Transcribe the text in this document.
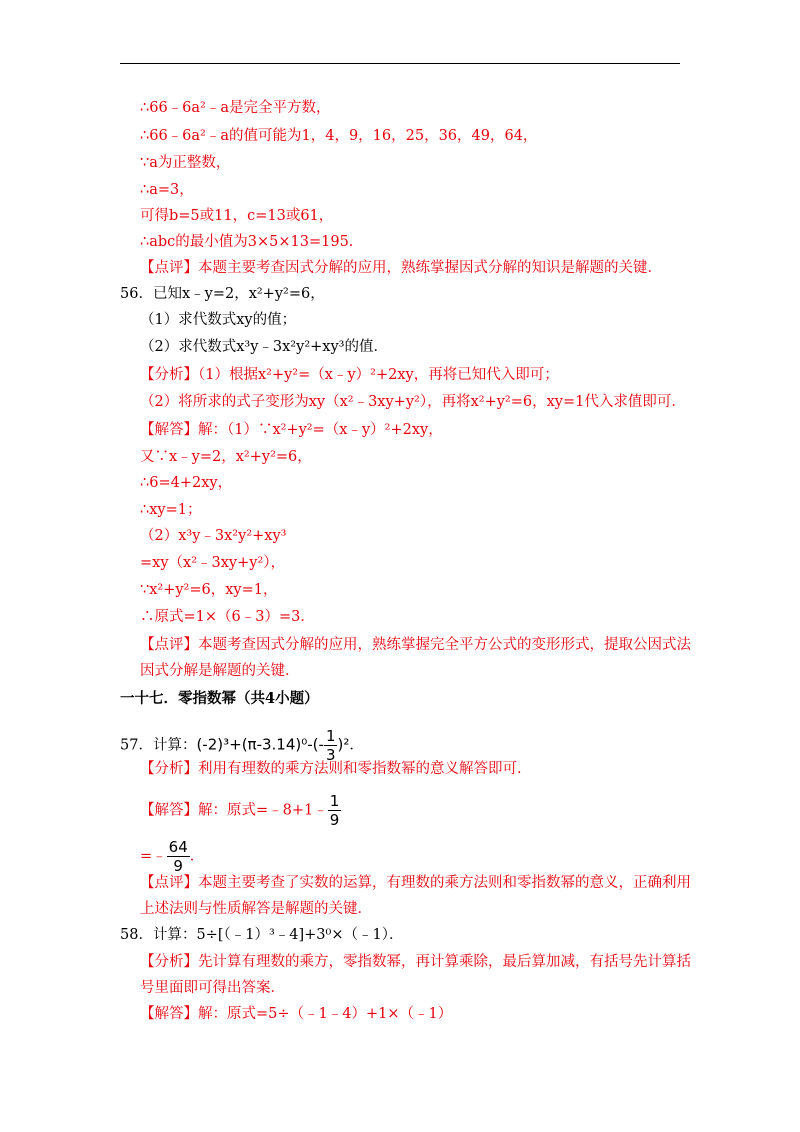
∴66﹣6a²﹣a是完全平方数，
∴66﹣6a²﹣a的值可能为1，4，9，16，25，36，49，64，
∵a为正整数，
∴a=3，
可得b=5或11，c=13或61，
∴abc的最小值为3×5×13=195．
【点评】本题主要考查因式分解的应用，熟练掌握因式分解的知识是解题的关键．
56．已知x﹣y=2，x²+y²=6，
（1）求代数式xy的值；
（2）求代数式x³y﹣3x²y²+xy³的值．
【分析】（1）根据x²+y²=（x﹣y）²+2xy，再将已知代入即可；
（2）将所求的式子变形为xy（x²﹣3xy+y²），再将x²+y²=6，xy=1代入求值即可．
【解答】解：（1）∵x²+y²=（x﹣y）²+2xy，
又∵x﹣y=2，x²+y²=6，
∴6=4+2xy，
∴xy=1；
（2）x³y﹣3x²y²+xy³
=xy（x²﹣3xy+y²），
∵x²+y²=6，xy=1，
∴原式=1×（6﹣3）=3．
【点评】本题考查因式分解的应用，熟练掌握完全平方公式的变形形式，提取公因式法
因式分解是解题的关键．
一十七．零指数幂（共4小题）
57．计算：$(-2)^3+(\pi-3.14)^0-(- \frac{1}{3} )^2$．
【分析】利用有理数的乘方法则和零指数幂的意义解答即可．
【解答】解：原式=﹣8+1﹣ $\frac{1}{9}$
=﹣ $\frac{64}{9}$ ．
【点评】本题主要考查了实数的运算，有理数的乘方法则和零指数幂的意义，正确利用
上述法则与性质解答是解题的关键．
58．计算：5÷[（﹣1）³﹣4]+3⁰×（﹣1）．
【分析】先计算有理数的乘方，零指数幂，再计算乘除，最后算加减，有括号先计算括
号里面即可得出答案．
【解答】解：原式=5÷（﹣1﹣4）+1×（﹣1）
